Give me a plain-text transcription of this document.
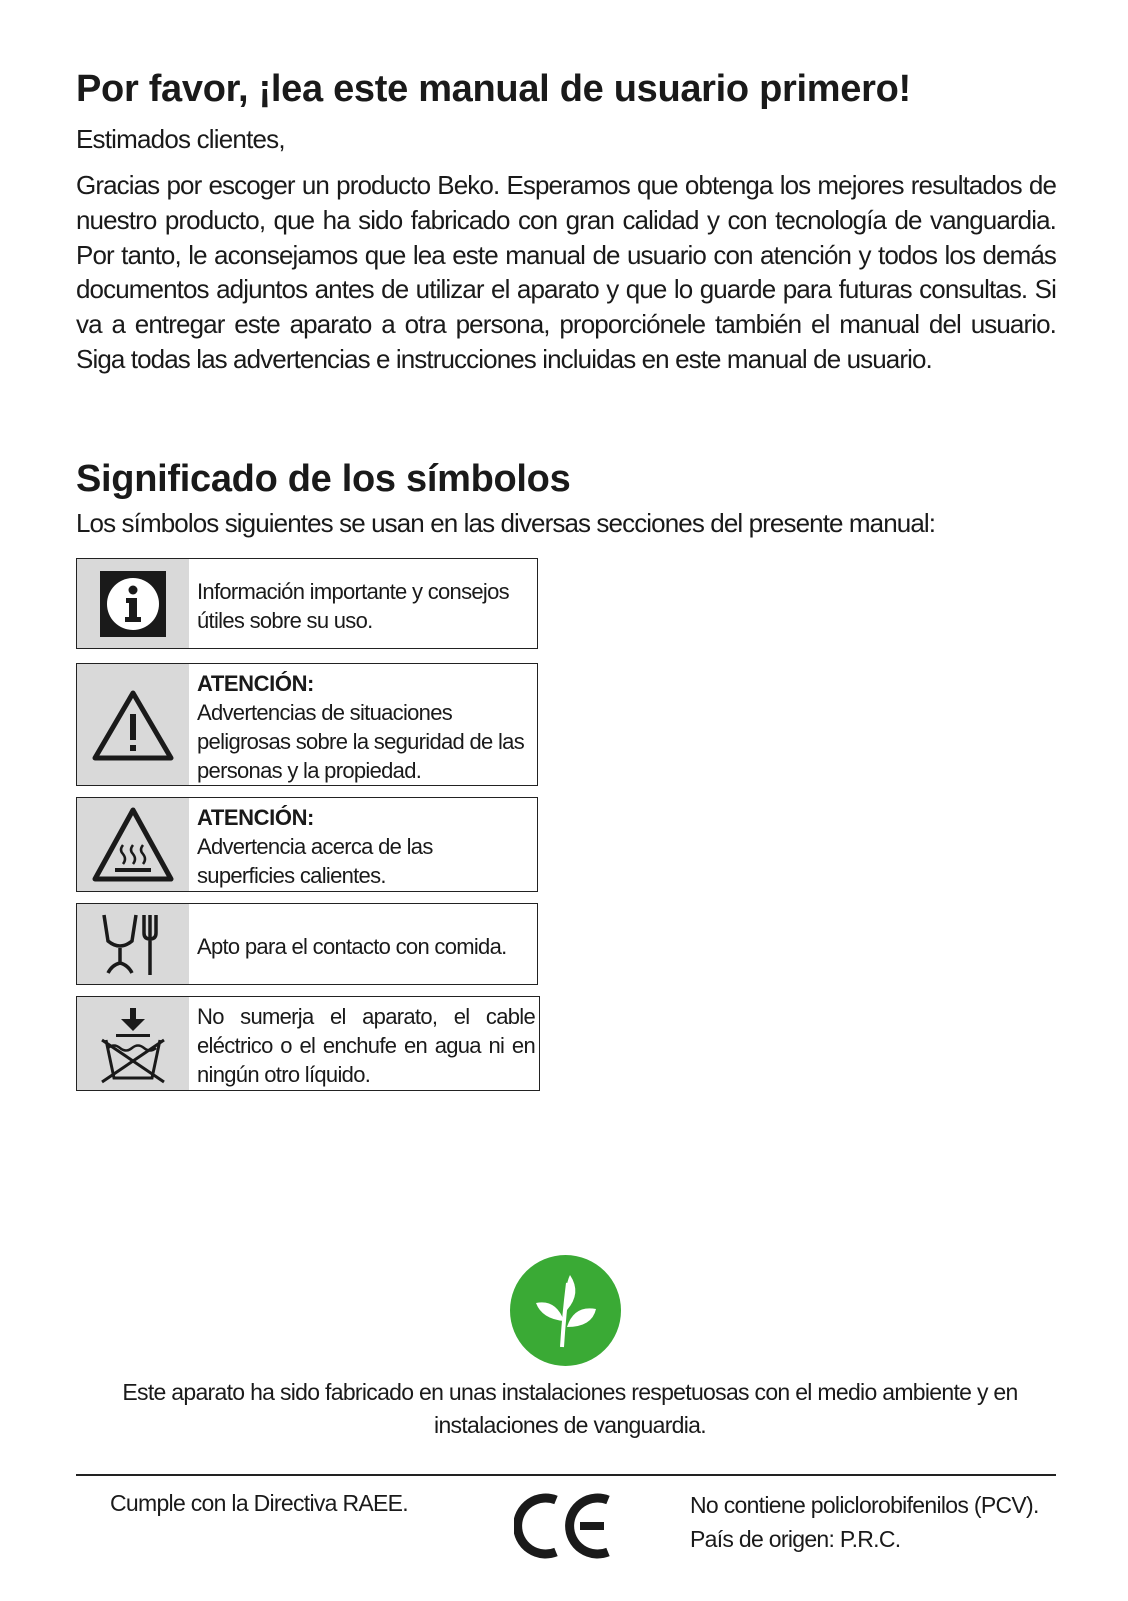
Por favor, ¡lea este manual de usuario primero!
Estimados clientes,

Gracias por escoger un producto Beko. Esperamos que obtenga los mejores resultados de nuestro producto, que ha sido fabricado con gran calidad y con tecnología de vanguardia. Por tanto, le aconsejamos que lea este manual de usuario con atención y todos los demás documentos adjuntos antes de utilizar el aparato y que lo guarde para futuras consultas. Si va a entregar este aparato a otra persona, proporciónele también el manual del usuario. Siga todas las advertencias e instrucciones incluidas en este manual de usuario.

Significado de los símbolos
Los símbolos siguientes se usan en las diversas secciones del presente manual:
Información importante y consejos útiles sobre su uso.
ATENCIÓN:
Advertencias de situaciones peligrosas sobre la seguridad de las personas y la propiedad.
ATENCIÓN:
Advertencia acerca de las superficies calientes.
Apto para el contacto con comida.
No sumerja el aparato, el cable eléctrico o el enchufe en agua ni en ningún otro líquido.
Este aparato ha sido fabricado en unas instalaciones respetuosas con el medio ambiente y en instalaciones de vanguardia.
Cumple con la Directiva RAEE.	No contiene policlorobifenilos (PCV).
País de origen: P.R.C.
